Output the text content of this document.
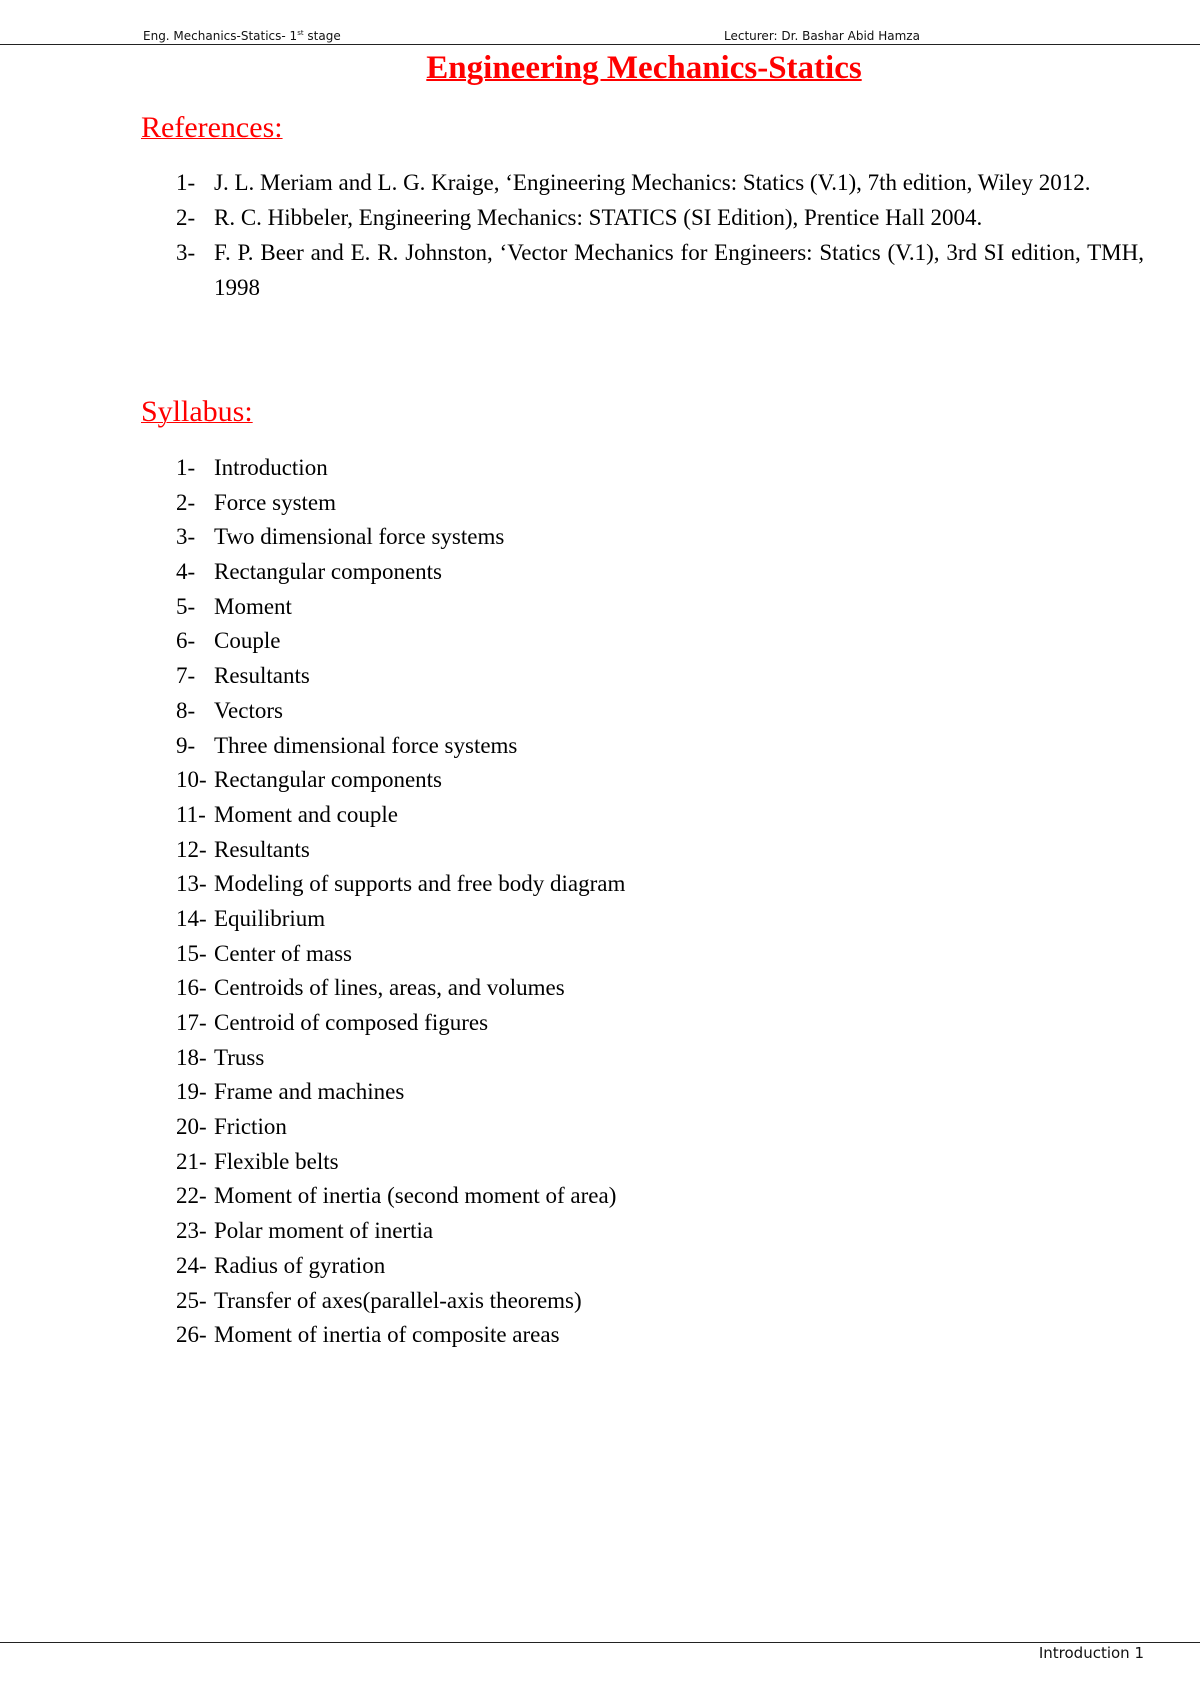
Eng. Mechanics-Statics- 1st stage	Lecturer: Dr. Bashar Abid Hamza
Engineering Mechanics-Statics
References:
1- J. L. Meriam and L. G. Kraige, ‘Engineering Mechanics: Statics (V.1), 7th edition, Wiley 2012.
2- R. C. Hibbeler, Engineering Mechanics: STATICS (SI Edition), Prentice Hall 2004.
3- F. P. Beer and E. R. Johnston, ‘Vector Mechanics for Engineers: Statics (V.1), 3rd SI edition, TMH, 1998
Syllabus:
1- Introduction
2- Force system
3- Two dimensional force systems
4- Rectangular components
5- Moment
6- Couple
7- Resultants
8- Vectors
9- Three dimensional force systems
10- Rectangular components
11- Moment and couple
12- Resultants
13- Modeling of supports and free body diagram
14- Equilibrium
15- Center of mass
16- Centroids of lines, areas, and volumes
17- Centroid of composed figures
18- Truss
19- Frame and machines
20- Friction
21- Flexible belts
22- Moment of inertia (second moment of area)
23- Polar moment of inertia
24- Radius of gyration
25- Transfer of axes(parallel-axis theorems)
26- Moment of inertia of composite areas
Introduction 1
